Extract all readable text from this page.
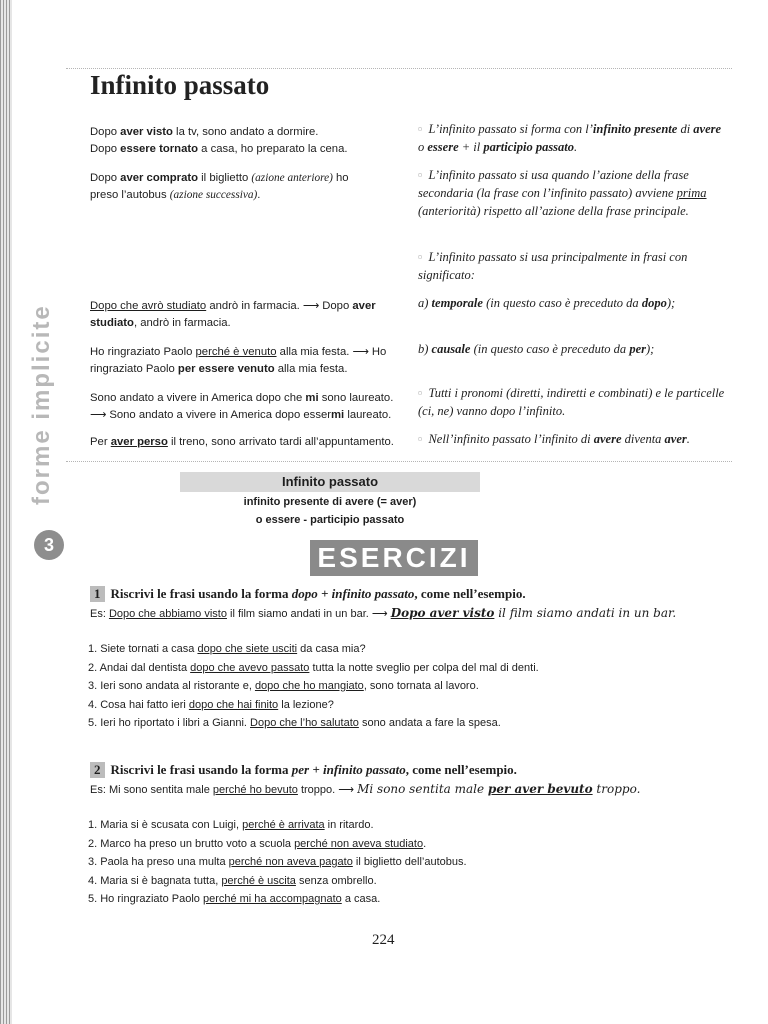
forme implicite
3
Infinito passato
Dopo aver visto la tv, sono andato a dormire.
Dopo essere tornato a casa, ho preparato la cena.
Dopo aver comprato il biglietto (azione anteriore) ho
preso l’autobus (azione successiva).
Dopo che avrò studiato andrò in farmacia. ⟶ Dopo aver
studiato, andrò in farmacia.
Ho ringraziato Paolo perché è venuto alla mia festa. ⟶ Ho
ringraziato Paolo per essere venuto alla mia festa.
Sono andato a vivere in America dopo che mi sono laureato.
⟶ Sono andato a vivere in America dopo essermi laureato.
Per aver perso il treno, sono arrivato tardi all’appuntamento.
▫ L’infinito passato si forma con l’infinito presente di avere o essere + il participio passato.
▫ L’infinito passato si usa quando l’azione della frase secondaria (la frase con l’infinito passato) avviene prima (anteriorità) rispetto all’azione della frase principale.
▫ L’infinito passato si usa principalmente in frasi con significato:
a) temporale (in questo caso è preceduto da dopo);
b) causale (in questo caso è preceduto da per);
▫ Tutti i pronomi (diretti, indiretti e combinati) e le particelle (ci, ne) vanno dopo l’infinito.
▫ Nell’infinito passato l’infinito di avere diventa aver.
Infinito passato
infinito presente di avere (= aver)
o essere - participio passato
ESERCIZI
1 Riscrivi le frasi usando la forma dopo + infinito passato, come nell’esempio.
Es: Dopo che abbiamo visto il film siamo andati in un bar. ⟶ Dopo aver visto il film siamo andati in un bar.
1. Siete tornati a casa dopo che siete usciti da casa mia?
2. Andai dal dentista dopo che avevo passato tutta la notte sveglio per colpa del mal di denti.
3. Ieri sono andata al ristorante e, dopo che ho mangiato, sono tornata al lavoro.
4. Cosa hai fatto ieri dopo che hai finito la lezione?
5. Ieri ho riportato i libri a Gianni. Dopo che l’ho salutato sono andata a fare la spesa.
2 Riscrivi le frasi usando la forma per + infinito passato, come nell’esempio.
Es: Mi sono sentita male perché ho bevuto troppo. ⟶ Mi sono sentita male per aver bevuto troppo.
1. Maria si è scusata con Luigi, perché è arrivata in ritardo.
2. Marco ha preso un brutto voto a scuola perché non aveva studiato.
3. Paola ha preso una multa perché non aveva pagato il biglietto dell’autobus.
4. Maria si è bagnata tutta, perché è uscita senza ombrello.
5. Ho ringraziato Paolo perché mi ha accompagnato a casa.
224
